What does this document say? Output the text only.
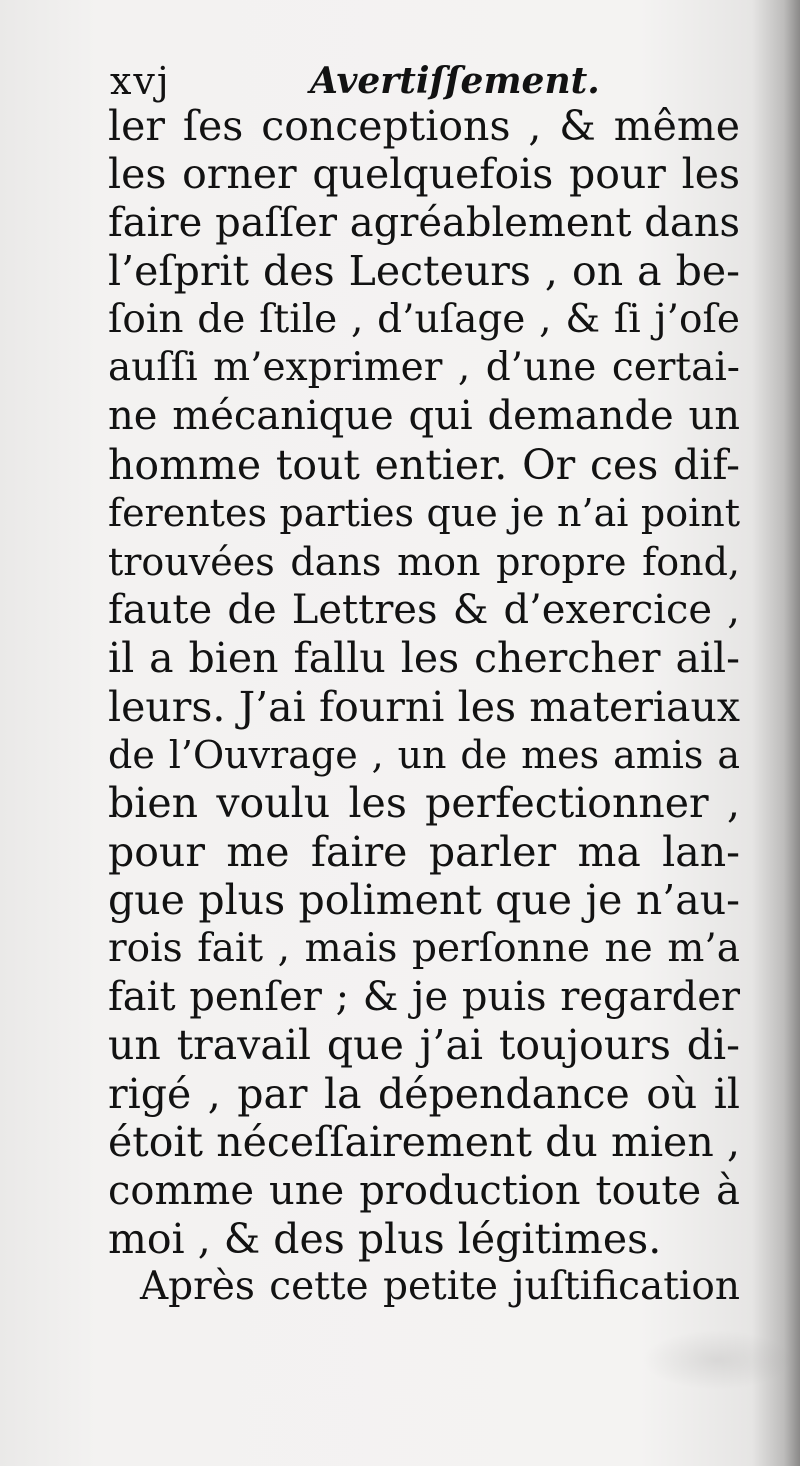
xvj	Avertiſſement.
ler ſes conceptions , & même
les orner quelquefois pour les
faire paſſer agréablement dans
l’eſprit des Lecteurs , on a be-
ſoin de ſtile , d’uſage , & ſi j’oſe
auſſi m’exprimer , d’une certai-
ne mécanique qui demande un
homme tout entier. Or ces dif-
ferentes parties que je n’ai point
trouvées dans mon propre fond,
faute de Lettres & d’exercice ,
il a bien fallu les chercher ail-
leurs. J’ai fourni les materiaux
de l’Ouvrage , un de mes amis a
bien voulu les perfectionner ,
pour me faire parler ma lan-
gue plus poliment que je n’au-
rois fait , mais perſonne ne m’a
fait penſer ; & je puis regarder
un travail que j’ai toujours di-
rigé , par la dépendance où il
étoit néceſſairement du mien ,
comme une production toute à
moi , & des plus légitimes.
Après cette petite juſtification
